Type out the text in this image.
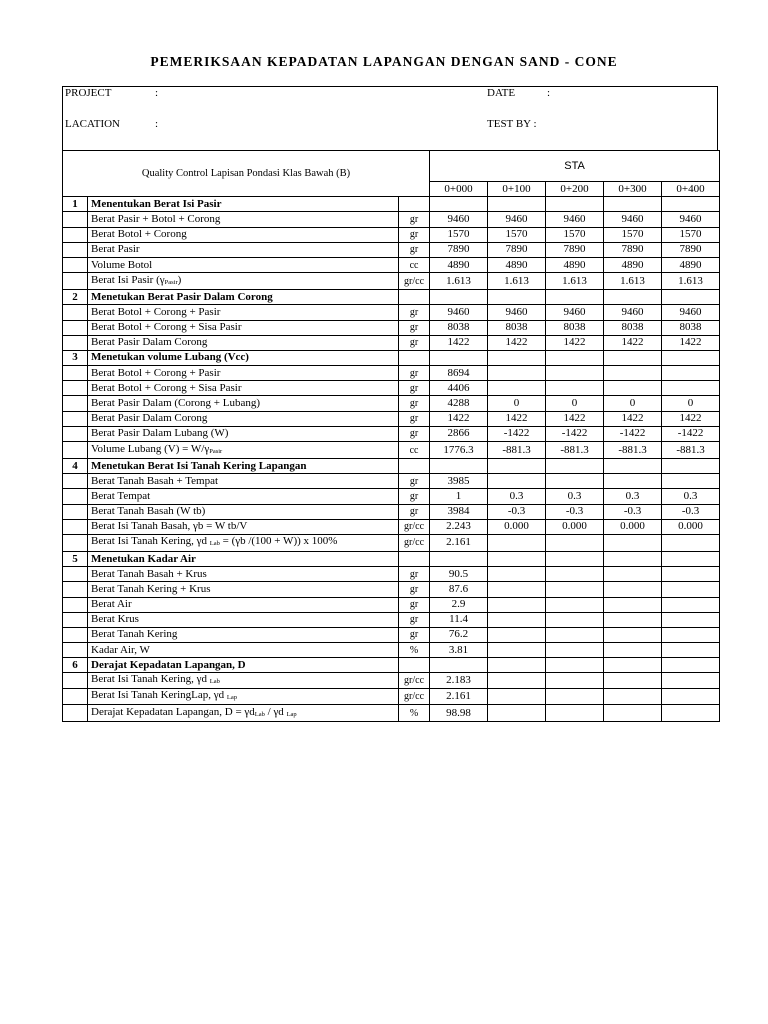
PEMERIKSAAN KEPADATAN LAPANGAN DENGAN SAND - CONE
PROJECT	:	DATE	:
LACATION	:	TEST BY :
Quality Control Lapisan Pondasi Klas Bawah (B)			STA				
			0+000	0+100	0+200	0+300	0+400
1	Menentukan Berat Isi Pasir						
	Berat Pasir + Botol + Corong	gr	9460	9460	9460	9460	9460
	Berat Botol + Corong	gr	1570	1570	1570	1570	1570
	Berat Pasir	gr	7890	7890	7890	7890	7890
	Volume Botol	cc	4890	4890	4890	4890	4890
	Berat Isi Pasir (γPasir)	gr/cc	1.613	1.613	1.613	1.613	1.613
2	Menetukan Berat Pasir Dalam Corong						
	Berat Botol + Corong + Pasir	gr	9460	9460	9460	9460	9460
	Berat Botol + Corong + Sisa Pasir	gr	8038	8038	8038	8038	8038
	Berat Pasir Dalam Corong	gr	1422	1422	1422	1422	1422
3	Menetukan volume Lubang (Vcc)						
	Berat Botol + Corong + Pasir	gr	8694				
	Berat Botol + Corong + Sisa Pasir	gr	4406				
	Berat Pasir Dalam (Corong + Lubang)	gr	4288	0	0	0	0
	Berat Pasir Dalam Corong	gr	1422	1422	1422	1422	1422
	Berat Pasir Dalam Lubang (W)	gr	2866	-1422	-1422	-1422	-1422
	Volume Lubang (V) = W/γPasir	cc	1776.3	-881.3	-881.3	-881.3	-881.3
4	Menetukan Berat Isi Tanah Kering Lapangan						
	Berat Tanah Basah + Tempat	gr	3985				
	Berat Tempat	gr	1	0.3	0.3	0.3	0.3
	Berat Tanah Basah (W tb)	gr	3984	-0.3	-0.3	-0.3	-0.3
	Berat Isi Tanah Basah, γb = W tb/V	gr/cc	2.243	0.000	0.000	0.000	0.000
	Berat Isi Tanah Kering, γd Lab = (γb /(100 + W)) x 100%	gr/cc	2.161				
5	Menetukan Kadar Air						
	Berat Tanah Basah + Krus	gr	90.5				
	Berat Tanah Kering + Krus	gr	87.6				
	Berat Air	gr	2.9				
	Berat Krus	gr	11.4				
	Berat Tanah Kering	gr	76.2				
	Kadar Air, W	%	3.81				
6	Derajat Kepadatan Lapangan, D						
	Berat Isi Tanah Kering, γd Lab	gr/cc	2.183				
	Berat Isi Tanah KeringLap, γd Lap	gr/cc	2.161				
	Derajat Kepadatan Lapangan, D = γdLab / γd Lap	%	98.98				
